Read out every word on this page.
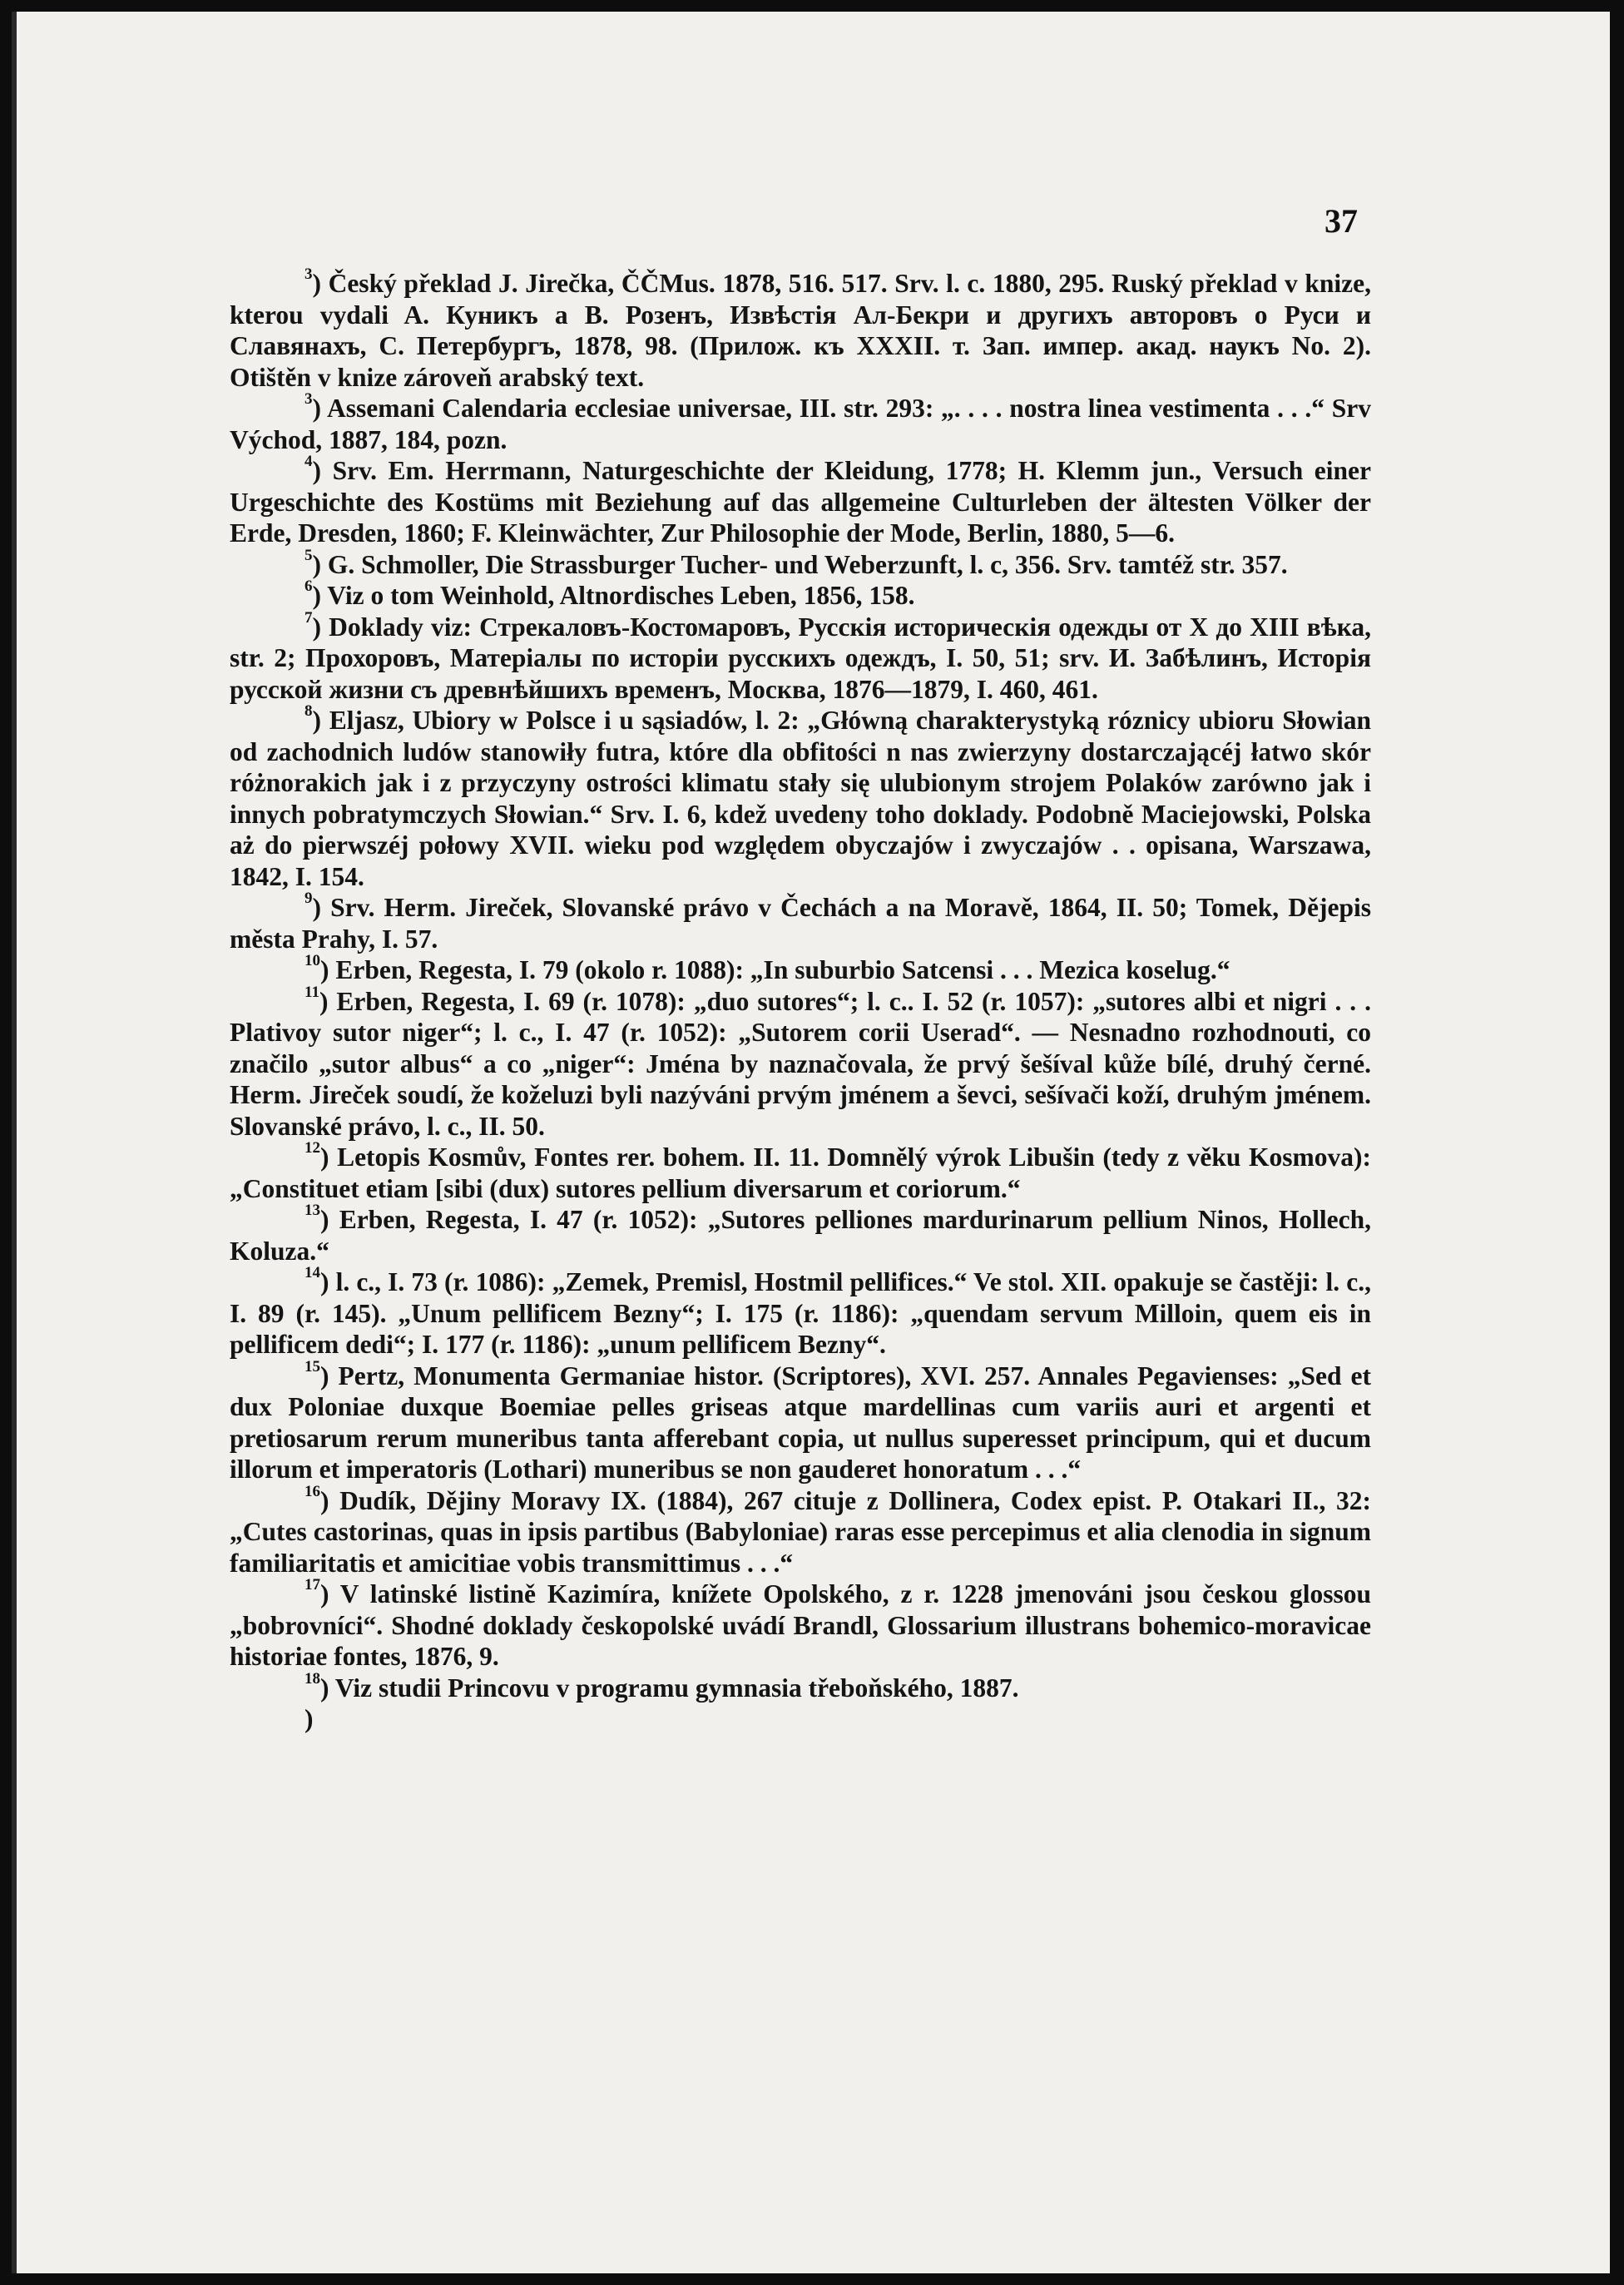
37

$^3$) Český překlad J. Jirečka, ČČMus. 1878, 516. 517. Srv. l. c. 1880, 295. Ruský překlad v knize, kterou vydali A. Куникъ a B. Розенъ, Извѣстія Ал-Бекри и другихъ авторовъ о Руси и Славянахъ, С. Петербургъ, 1878, 98. (Прилож. къ XXXII. т. Зап. импер. акад. наукъ No. 2). Otištěn v knize zároveň arabský text.

$^3$) Assemani Calendaria ecclesiae universae, III. str. 293: „. . . . nostra linea vestimenta . . .“ Srv Východ, 1887, 184, pozn.

$^4$) Srv. Em. Herrmann, Naturgeschichte der Kleidung, 1778; H. Klemm jun., Versuch einer Urgeschichte des Kostüms mit Beziehung auf das allgemeine Culturleben der ältesten Völker der Erde, Dresden, 1860; F. Kleinwächter, Zur Philosophie der Mode, Berlin, 1880, 5—6.

$^5$) G. Schmoller, Die Strassburger Tucher- und Weberzunft, l. c, 356. Srv. tamtéž str. 357.

$^6$) Viz o tom Weinhold, Altnordisches Leben, 1856, 158.

$^7$) Doklady viz: Стрекаловъ-Костомаровъ, Русскія историческія одежды от X до XIII вѣка, str. 2; Прохоровъ, Матеріалы по исторіи русскихъ одеждъ, I. 50, 51; srv. И. Забѣлинъ, Исторія русской жизни съ древнѣйшихъ временъ, Москва, 1876—1879, I. 460, 461.

$^8$) Eljasz, Ubiory w Polsce i u sąsiadów, l. 2: „Główną charakterystyką róznicy ubioru Słowian od zachodnich ludów stanowiły futra, które dla obfitości n nas zwierzyny dostarczającéj łatwo skór różnorakich jak i z przyczyny ostrości klimatu stały się ulubionym strojem Polaków zarówno jak i innych pobratymczych Słowian.“ Srv. I. 6, kdež uvedeny toho doklady. Podobně Maciejowski, Polska aż do pierwszéj połowy XVII. wieku pod względem obyczajów i zwyczajów . . opisana, Warszawa, 1842, I. 154.

$^9$) Srv. Herm. Jireček, Slovanské právo v Čechách a na Moravě, 1864, II. 50; Tomek, Dějepis města Prahy, I. 57.

$^{10}$) Erben, Regesta, I. 79 (okolo r. 1088): „In suburbio Satcensi . . . Mezica koselug.“

$^{11}$) Erben, Regesta, I. 69 (r. 1078): „duo sutores“; l. c.. I. 52 (r. 1057): „sutores albi et nigri . . . Plativoy sutor niger“; l. c., I. 47 (r. 1052): „Sutorem corii Userad“. — Nesnadno rozhodnouti, co značilo „sutor albus“ a co „niger“: Jména by naznačovala, že prvý šešíval kůže bílé, druhý černé. Herm. Jireček soudí, že koželuzi byli nazýváni prvým jménem a ševci, sešívači koží, druhým jménem. Slovanské právo, l. c., II. 50.

$^{12}$) Letopis Kosmův, Fontes rer. bohem. II. 11. Domnělý výrok Libušin (tedy z věku Kosmova): „Constituet etiam [sibi (dux) sutores pellium diversarum et coriorum.“

$^{13}$) Erben, Regesta, I. 47 (r. 1052): „Sutores pelliones mardurinarum pellium Ninos, Hollech, Koluza.“

$^{14}$) l. c., I. 73 (r. 1086): „Zemek, Premisl, Hostmil pellifices.“ Ve stol. XII. opakuje se častěji: l. c., I. 89 (r. 145). „Unum pellificem Bezny“; I. 175 (r. 1186): „quendam servum Milloin, quem eis in pellificem dedi“; I. 177 (r. 1186): „unum pellificem Bezny“.

$^{15}$) Pertz, Monumenta Germaniae histor. (Scriptores), XVI. 257. Annales Pegavienses: „Sed et dux Poloniae duxque Boemiae pelles griseas atque mardellinas cum variis auri et argenti et pretiosarum rerum muneribus tanta afferebant copia, ut nullus superesset principum, qui et ducum illorum et imperatoris (Lothari) muneribus se non gauderet honoratum . . .“

$^{16}$) Dudík, Dějiny Moravy IX. (1884), 267 cituje z Dollinera, Codex epist. P. Otakari II., 32: „Cutes castorinas, quas in ipsis partibus (Babyloniae) raras esse percepimus et alia clenodia in signum familiaritatis et amicitiae vobis transmittimus . . .“

$^{17}$) V latinské listině Kazimíra, knížete Opolského, z r. 1228 jmenováni jsou českou glossou „bobrovníci“. Shodné doklady českopolské uvádí Brandl, Glossarium illustrans bohemico-moravicae historiae fontes, 1876, 9.

$^{18}$) Viz studii Princovu v programu gymnasia třeboňského, 1887.

)
